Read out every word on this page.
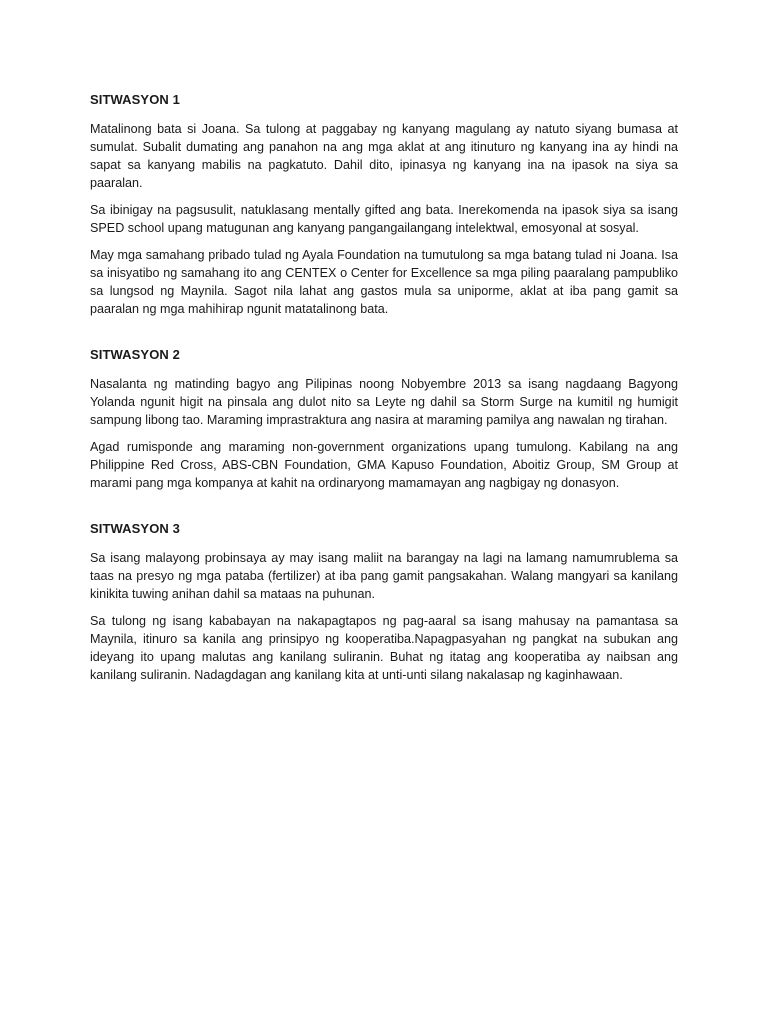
SITWASYON 1

Matalinong bata si Joana. Sa tulong at paggabay ng kanyang magulang ay natuto siyang bumasa at sumulat. Subalit dumating ang panahon na ang mga aklat at ang itinuturo ng kanyang ina ay hindi na sapat sa kanyang mabilis na pagkatuto. Dahil dito, ipinasya ng kanyang ina na ipasok na siya sa paaralan.

Sa ibinigay na pagsusulit, natuklasang mentally gifted ang bata. Inerekomenda na ipasok siya sa isang SPED school upang matugunan ang kanyang pangangailangang intelektwal, emosyonal at sosyal.

May mga samahang pribado tulad ng Ayala Foundation na tumutulong sa mga batang tulad ni Joana. Isa sa inisyatibo ng samahang ito ang CENTEX o Center for Excellence sa mga piling paaralang pampubliko sa lungsod ng Maynila. Sagot nila lahat ang gastos mula sa uniporme, aklat at iba pang gamit sa paaralan ng mga mahihirap ngunit matatalinong bata.

SITWASYON 2

Nasalanta ng matinding bagyo ang Pilipinas noong Nobyembre 2013 sa isang nagdaang Bagyong Yolanda ngunit higit na pinsala ang dulot nito sa Leyte ng dahil sa Storm Surge na kumitil ng humigit sampung libong tao. Maraming imprastraktura ang nasira at maraming pamilya ang nawalan ng tirahan.

Agad rumisponde ang maraming non-government organizations upang tumulong. Kabilang na ang Philippine Red Cross, ABS-CBN Foundation, GMA Kapuso Foundation, Aboitiz Group, SM Group at marami pang mga kompanya at kahit na ordinaryong mamamayan ang nagbigay ng donasyon.

SITWASYON 3

Sa isang malayong probinsaya ay may isang maliit na barangay na lagi na lamang namumrublema sa taas na presyo ng mga pataba (fertilizer) at iba pang gamit pangsakahan. Walang mangyari sa kanilang kinikita tuwing anihan dahil sa mataas na puhunan.

Sa tulong ng isang kababayan na nakapagtapos ng pag-aaral sa isang mahusay na pamantasa sa Maynila, itinuro sa kanila ang prinsipyo ng kooperatiba.Napagpasyahan ng pangkat na subukan ang ideyang ito upang malutas ang kanilang suliranin. Buhat ng itatag ang kooperatiba ay naibsan ang kanilang suliranin. Nadagdagan ang kanilang kita at unti-unti silang nakalasap ng kaginhawaan.
